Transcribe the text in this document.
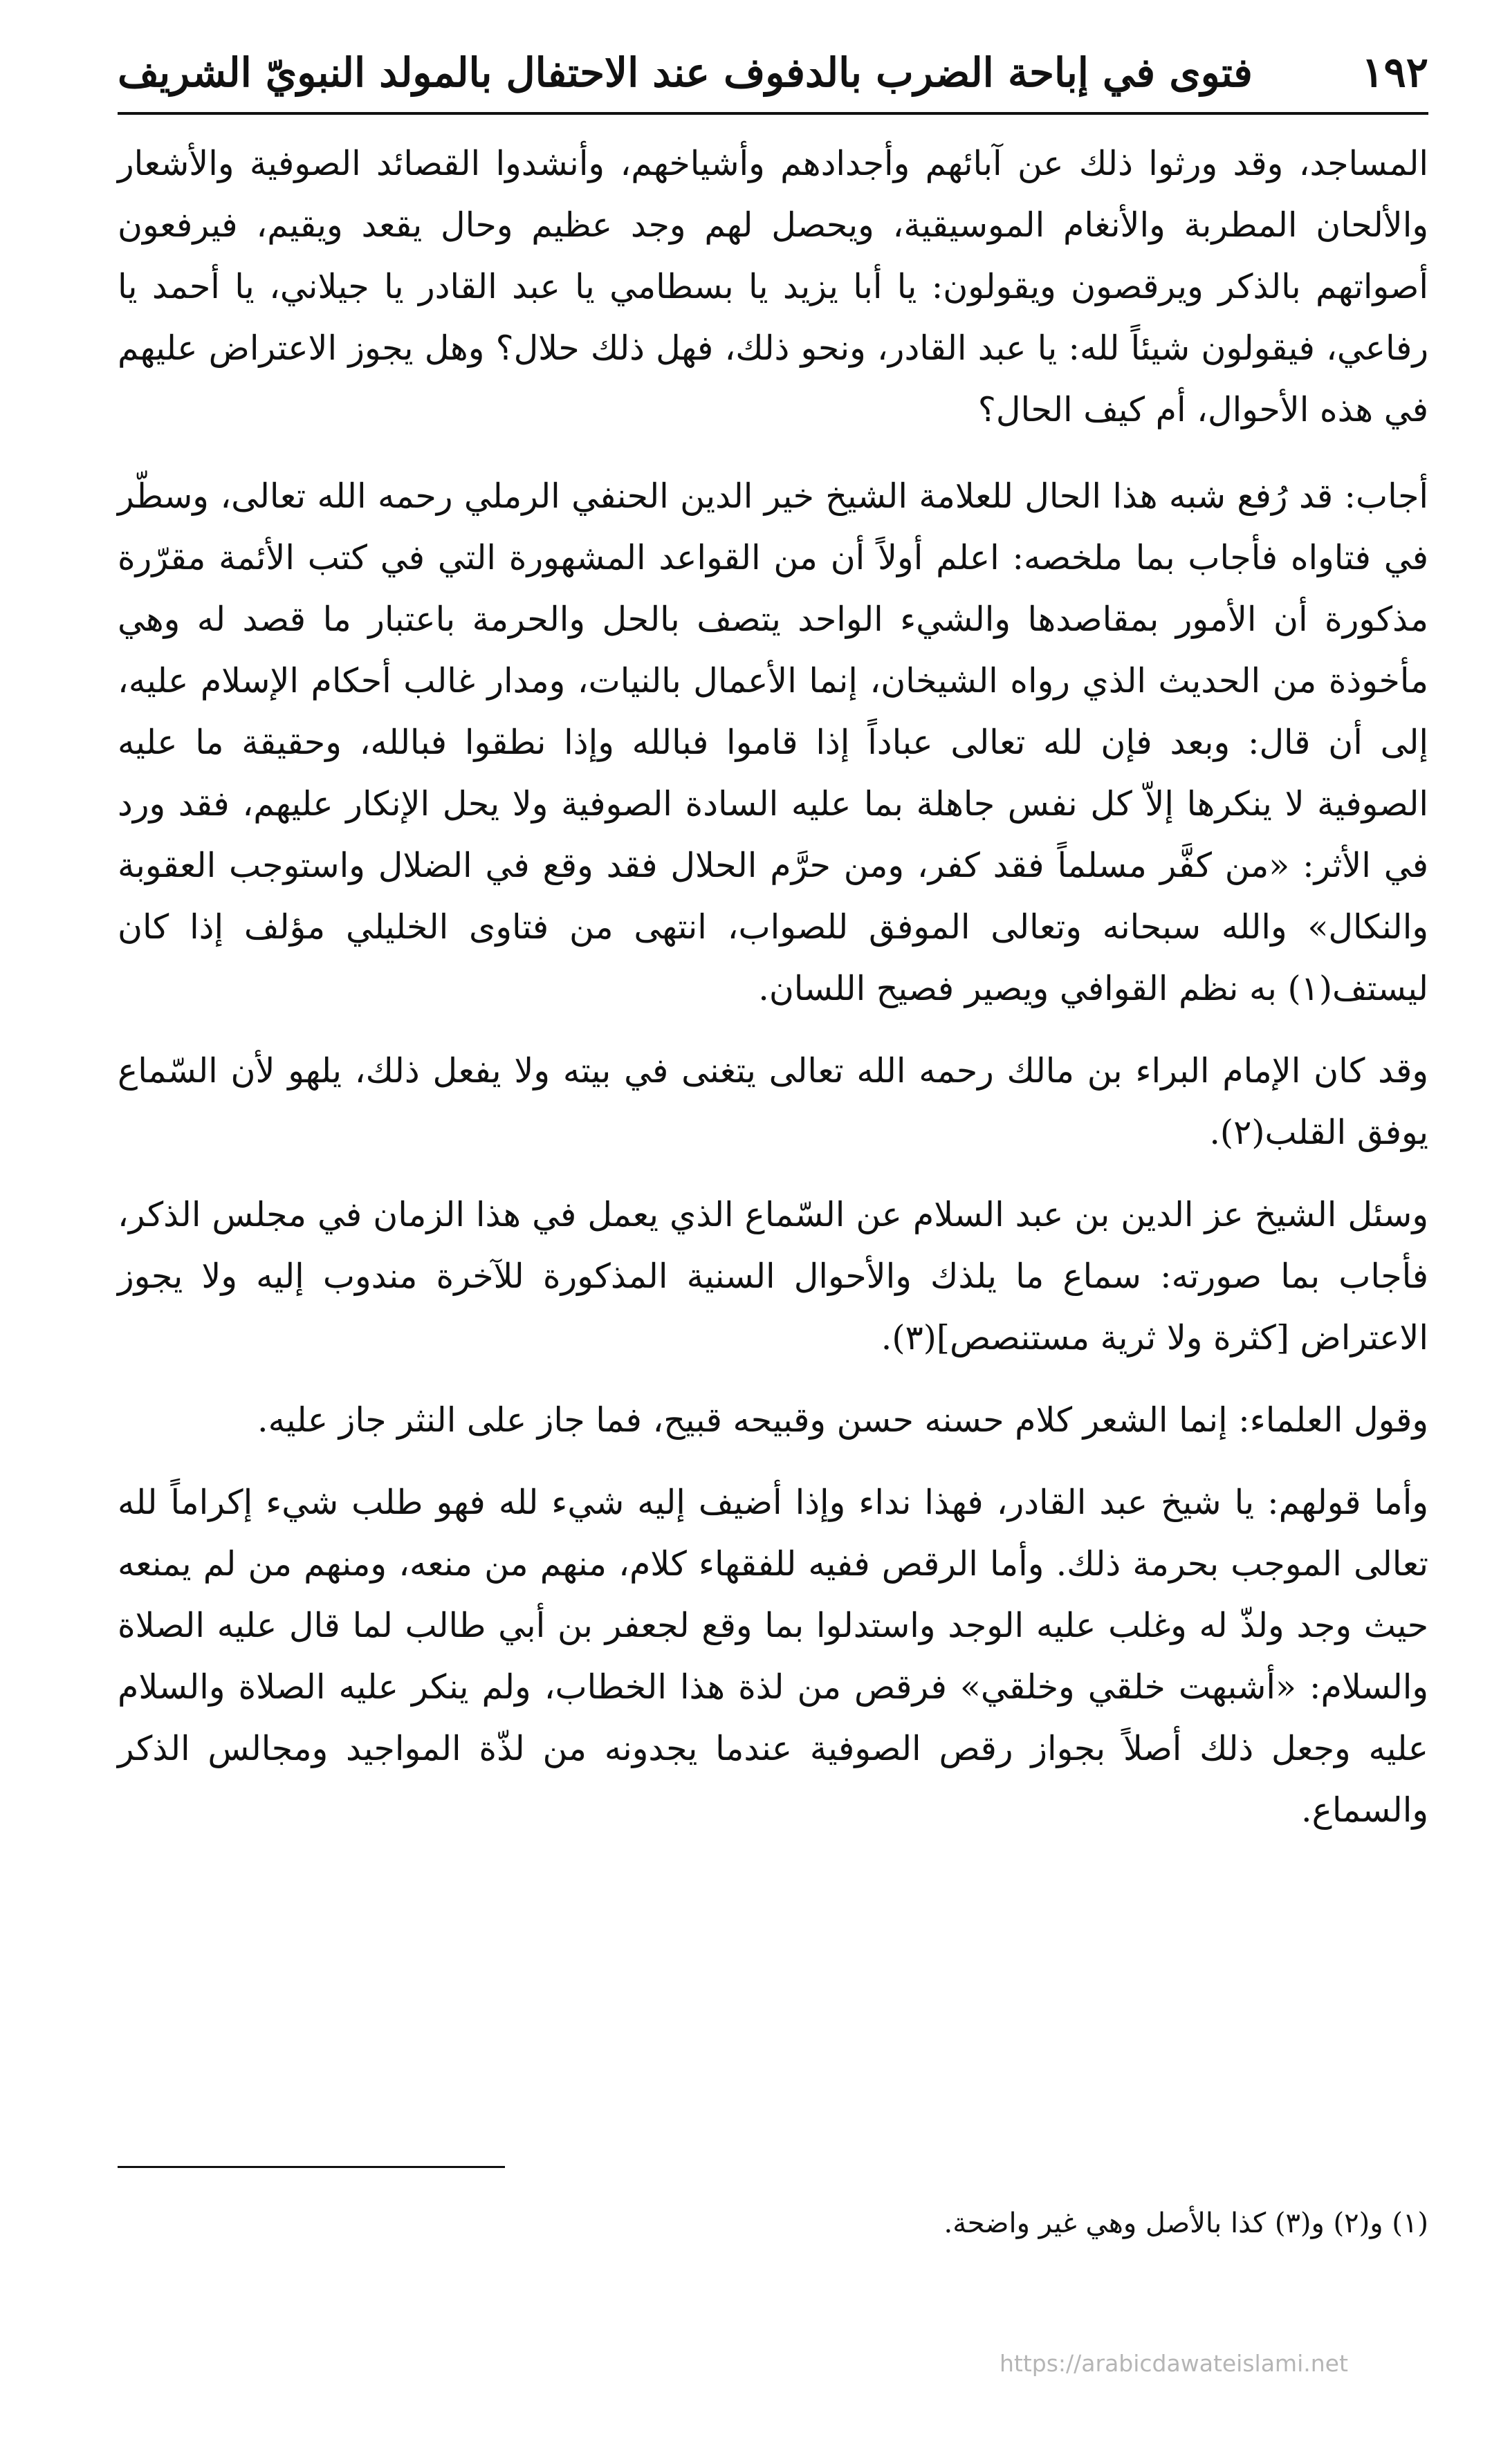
١٩٢
فتوى في إباحة الضرب بالدفوف عند الاحتفال بالمولد النبويّ الشريف

المساجد، وقد ورثوا ذلك عن آبائهم وأجدادهم وأشياخهم، وأنشدوا القصائد الصوفية والأشعار والألحان المطربة والأنغام الموسيقية، ويحصل لهم وجد عظيم وحال يقعد ويقيم، فيرفعون أصواتهم بالذكر ويرقصون ويقولون: يا أبا يزيد يا بسطامي يا عبد القادر يا جيلاني، يا أحمد يا رفاعي، فيقولون شيئاً لله: يا عبد القادر، ونحو ذلك، فهل ذلك حلال؟ وهل يجوز الاعتراض عليهم في هذه الأحوال، أم كيف الحال؟

أجاب: قد رُفع شبه هذا الحال للعلامة الشيخ خير الدين الحنفي الرملي رحمه الله تعالى، وسطّر في فتاواه فأجاب بما ملخصه: اعلم أولاً أن من القواعد المشهورة التي في كتب الأئمة مقرّرة مذكورة أن الأمور بمقاصدها والشيء الواحد يتصف بالحل والحرمة باعتبار ما قصد له وهي مأخوذة من الحديث الذي رواه الشيخان، إنما الأعمال بالنيات، ومدار غالب أحكام الإسلام عليه، إلى أن قال: وبعد فإن لله تعالى عباداً إذا قاموا فبالله وإذا نطقوا فبالله، وحقيقة ما عليه الصوفية لا ينكرها إلاّ كل نفس جاهلة بما عليه السادة الصوفية ولا يحل الإنكار عليهم، فقد ورد في الأثر: «من كفَّر مسلماً فقد كفر، ومن حرَّم الحلال فقد وقع في الضلال واستوجب العقوبة والنكال» والله سبحانه وتعالى الموفق للصواب، انتهى من فتاوى الخليلي مؤلف إذا كان ليستف(١) به نظم القوافي ويصير فصيح اللسان.

وقد كان الإمام البراء بن مالك رحمه الله تعالى يتغنى في بيته ولا يفعل ذلك، يلهو لأن السّماع يوفق القلب(٢).

وسئل الشيخ عز الدين بن عبد السلام عن السّماع الذي يعمل في هذا الزمان في مجلس الذكر، فأجاب بما صورته: سماع ما يلذك والأحوال السنية المذكورة للآخرة مندوب إليه ولا يجوز الاعتراض [كثرة ولا ثرية مستنصص](٣).

وقول العلماء: إنما الشعر كلام حسنه حسن وقبيحه قبيح، فما جاز على النثر جاز عليه.

وأما قولهم: يا شيخ عبد القادر، فهذا نداء وإذا أضيف إليه شيء لله فهو طلب شيء إكراماً لله تعالى الموجب بحرمة ذلك. وأما الرقص ففيه للفقهاء كلام، منهم من منعه، ومنهم من لم يمنعه حيث وجد ولذّ له وغلب عليه الوجد واستدلوا بما وقع لجعفر بن أبي طالب لما قال عليه الصلاة والسلام: «أشبهت خلقي وخلقي» فرقص من لذة هذا الخطاب، ولم ينكر عليه الصلاة والسلام عليه وجعل ذلك أصلاً بجواز رقص الصوفية عندما يجدونه من لذّة المواجيد ومجالس الذكر والسماع.

(١) و(٢) و(٣) كذا بالأصل وهي غير واضحة.
https://arabicdawateislami.net
